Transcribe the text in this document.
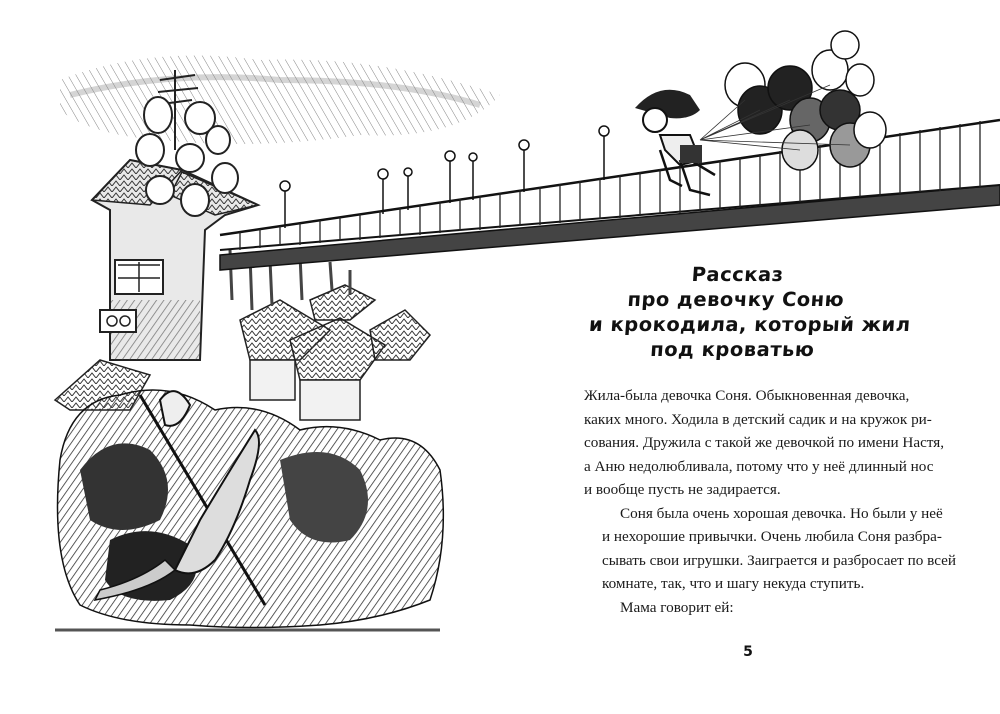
Рассказ
про девочку Соню
и крокодила, который жил
под кроватью

Жила-была девочка Соня. Обыкновенная девочка,
каких много. Ходила в детский садик и на кружок ри-
сования. Дружила с такой же девочкой по имени Настя,
а Аню недолюбливала, потому что у неё длинный нос
и вообще пусть не задирается.

Соня была очень хорошая девочка. Но были у неё
и нехорошие привычки. Очень любила Соня разбра-
сывать свои игрушки. Заиграется и разбросает по всей
комнате, так, что и шагу некуда ступить.

Мама говорит ей:

5
